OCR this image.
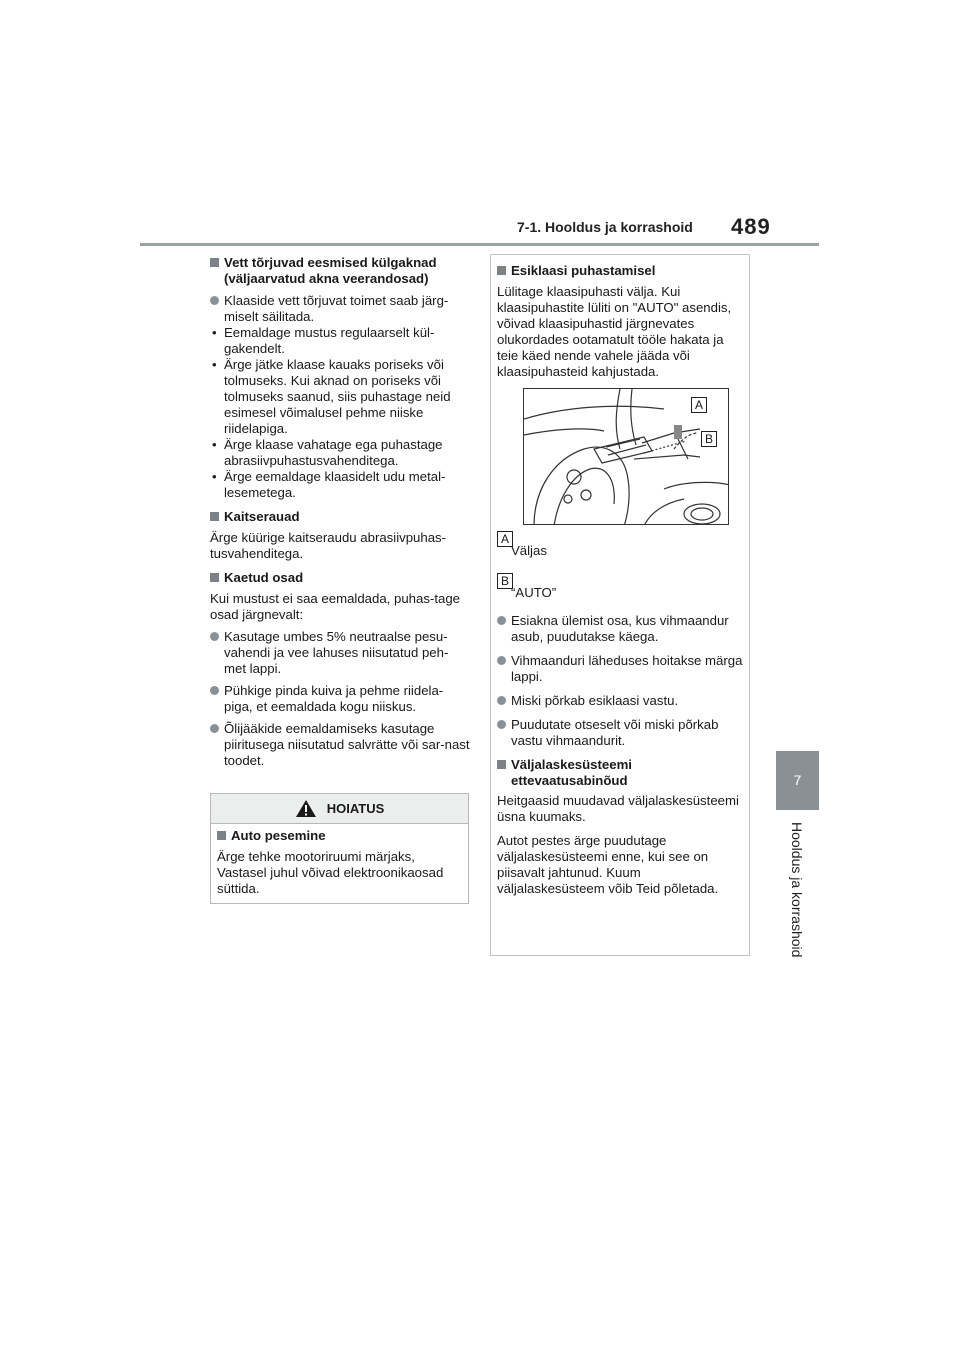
7-1. Hooldus ja korrashoid 489
7
Hooldus ja korrashoid
Vett tõrjuvad eesmised külgaknad (väljaarvatud akna veerandosad)
Klaaside vett tõrjuvat toimet saab järg-miselt säilitada.
• Eemaldage mustus regulaarselt kül-gakendelt.
• Ärge jätke klaase kauaks poriseks või tolmuseks. Kui aknad on poriseks või tolmuseks saanud, siis puhastage neid esimesel võimalusel pehme niiske riidelapiga.
• Ärge klaase vahatage ega puhastage abrasiivpuhastusvahenditega.
• Ärge eemaldage klaasidelt udu metal-lesemetega.
Kaitserauad
Ärge küürige kaitseraudu abrasiivpuhas-tusvahenditega.
Kaetud osad
Kui mustust ei saa eemaldada, puhas-tage osad järgnevalt:
Kasutage umbes 5% neutraalse pesu-vahendi ja vee lahuses niisutatud peh-met lappi.
Pühkige pinda kuiva ja pehme riidela-piga, et eemaldada kogu niiskus.
Õlijääkide eemaldamiseks kasutage piiritusega niisutatud salvrätte või sar-nast toodet.
HOIATUS
Auto pesemine
Ärge tehke mootoriruumi märjaks, Vastasel juhul võivad elektroonikaosad süttida.
Esiklaasi puhastamisel
Lülitage klaasipuhasti välja. Kui klaasipuhastite lüliti on "AUTO" asendis, võivad klaasipuhastid järgnevates olukordades ootamatult tööle hakata ja teie käed nende vahele jääda või klaasipuhasteid kahjustada.
A
B
A
Väljas
B
“AUTO”
Esiakna ülemist osa, kus vihmaandur asub, puudutakse käega.
Vihmaanduri läheduses hoitakse märga lappi.
Miski põrkab esiklaasi vastu.
Puudutate otseselt või miski põrkab vastu vihmaandurit.
Väljalaskesüsteemi ettevaatusabinõud
Heitgaasid muudavad väljalaskesüsteemi üsna kuumaks.
Autot pestes ärge puudutage väljalaskesüsteemi enne, kui see on piisavalt jahtunud. Kuum väljalaskesüsteem võib Teid põletada.
